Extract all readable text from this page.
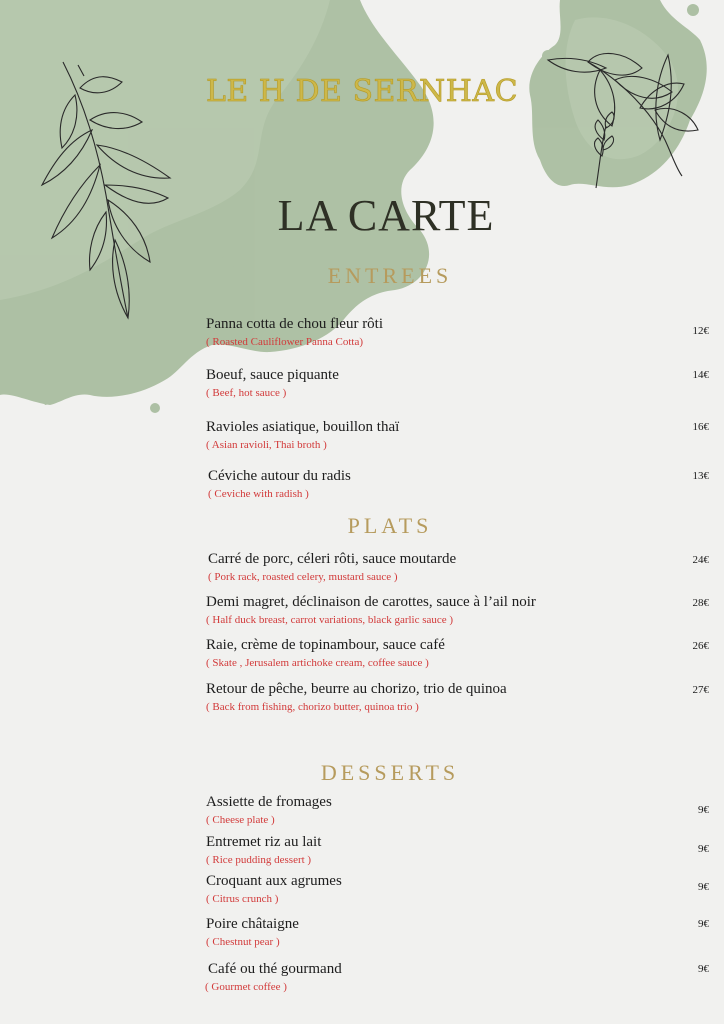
LE H DE SERNHAC
LA CARTE
ENTREES
Panna cotta de chou fleur rôti
( Roasted Cauliflower Panna Cotta)
12€
Boeuf, sauce piquante
( Beef, hot sauce )
14€
Ravioles asiatique, bouillon thaï
( Asian ravioli, Thai broth )
16€
Céviche autour du radis
( Ceviche with radish )
13€
PLATS
Carré de porc, céleri rôti, sauce moutarde
( Pork rack, roasted celery, mustard sauce )
24€
Demi magret, déclinaison de carottes, sauce à l’ail noir
( Half duck breast, carrot variations, black garlic sauce )
28€
Raie, crème de topinambour, sauce café
( Skate , Jerusalem artichoke cream, coffee sauce )
26€
Retour de pêche, beurre au chorizo, trio de quinoa
( Back from fishing, chorizo butter, quinoa trio )
27€
DESSERTS
Assiette de fromages
( Cheese plate )
9€
Entremet riz au lait
( Rice pudding dessert )
9€
Croquant aux agrumes
( Citrus crunch )
9€
Poire châtaigne
( Chestnut pear )
9€
Café ou thé gourmand
( Gourmet coffee )
9€
